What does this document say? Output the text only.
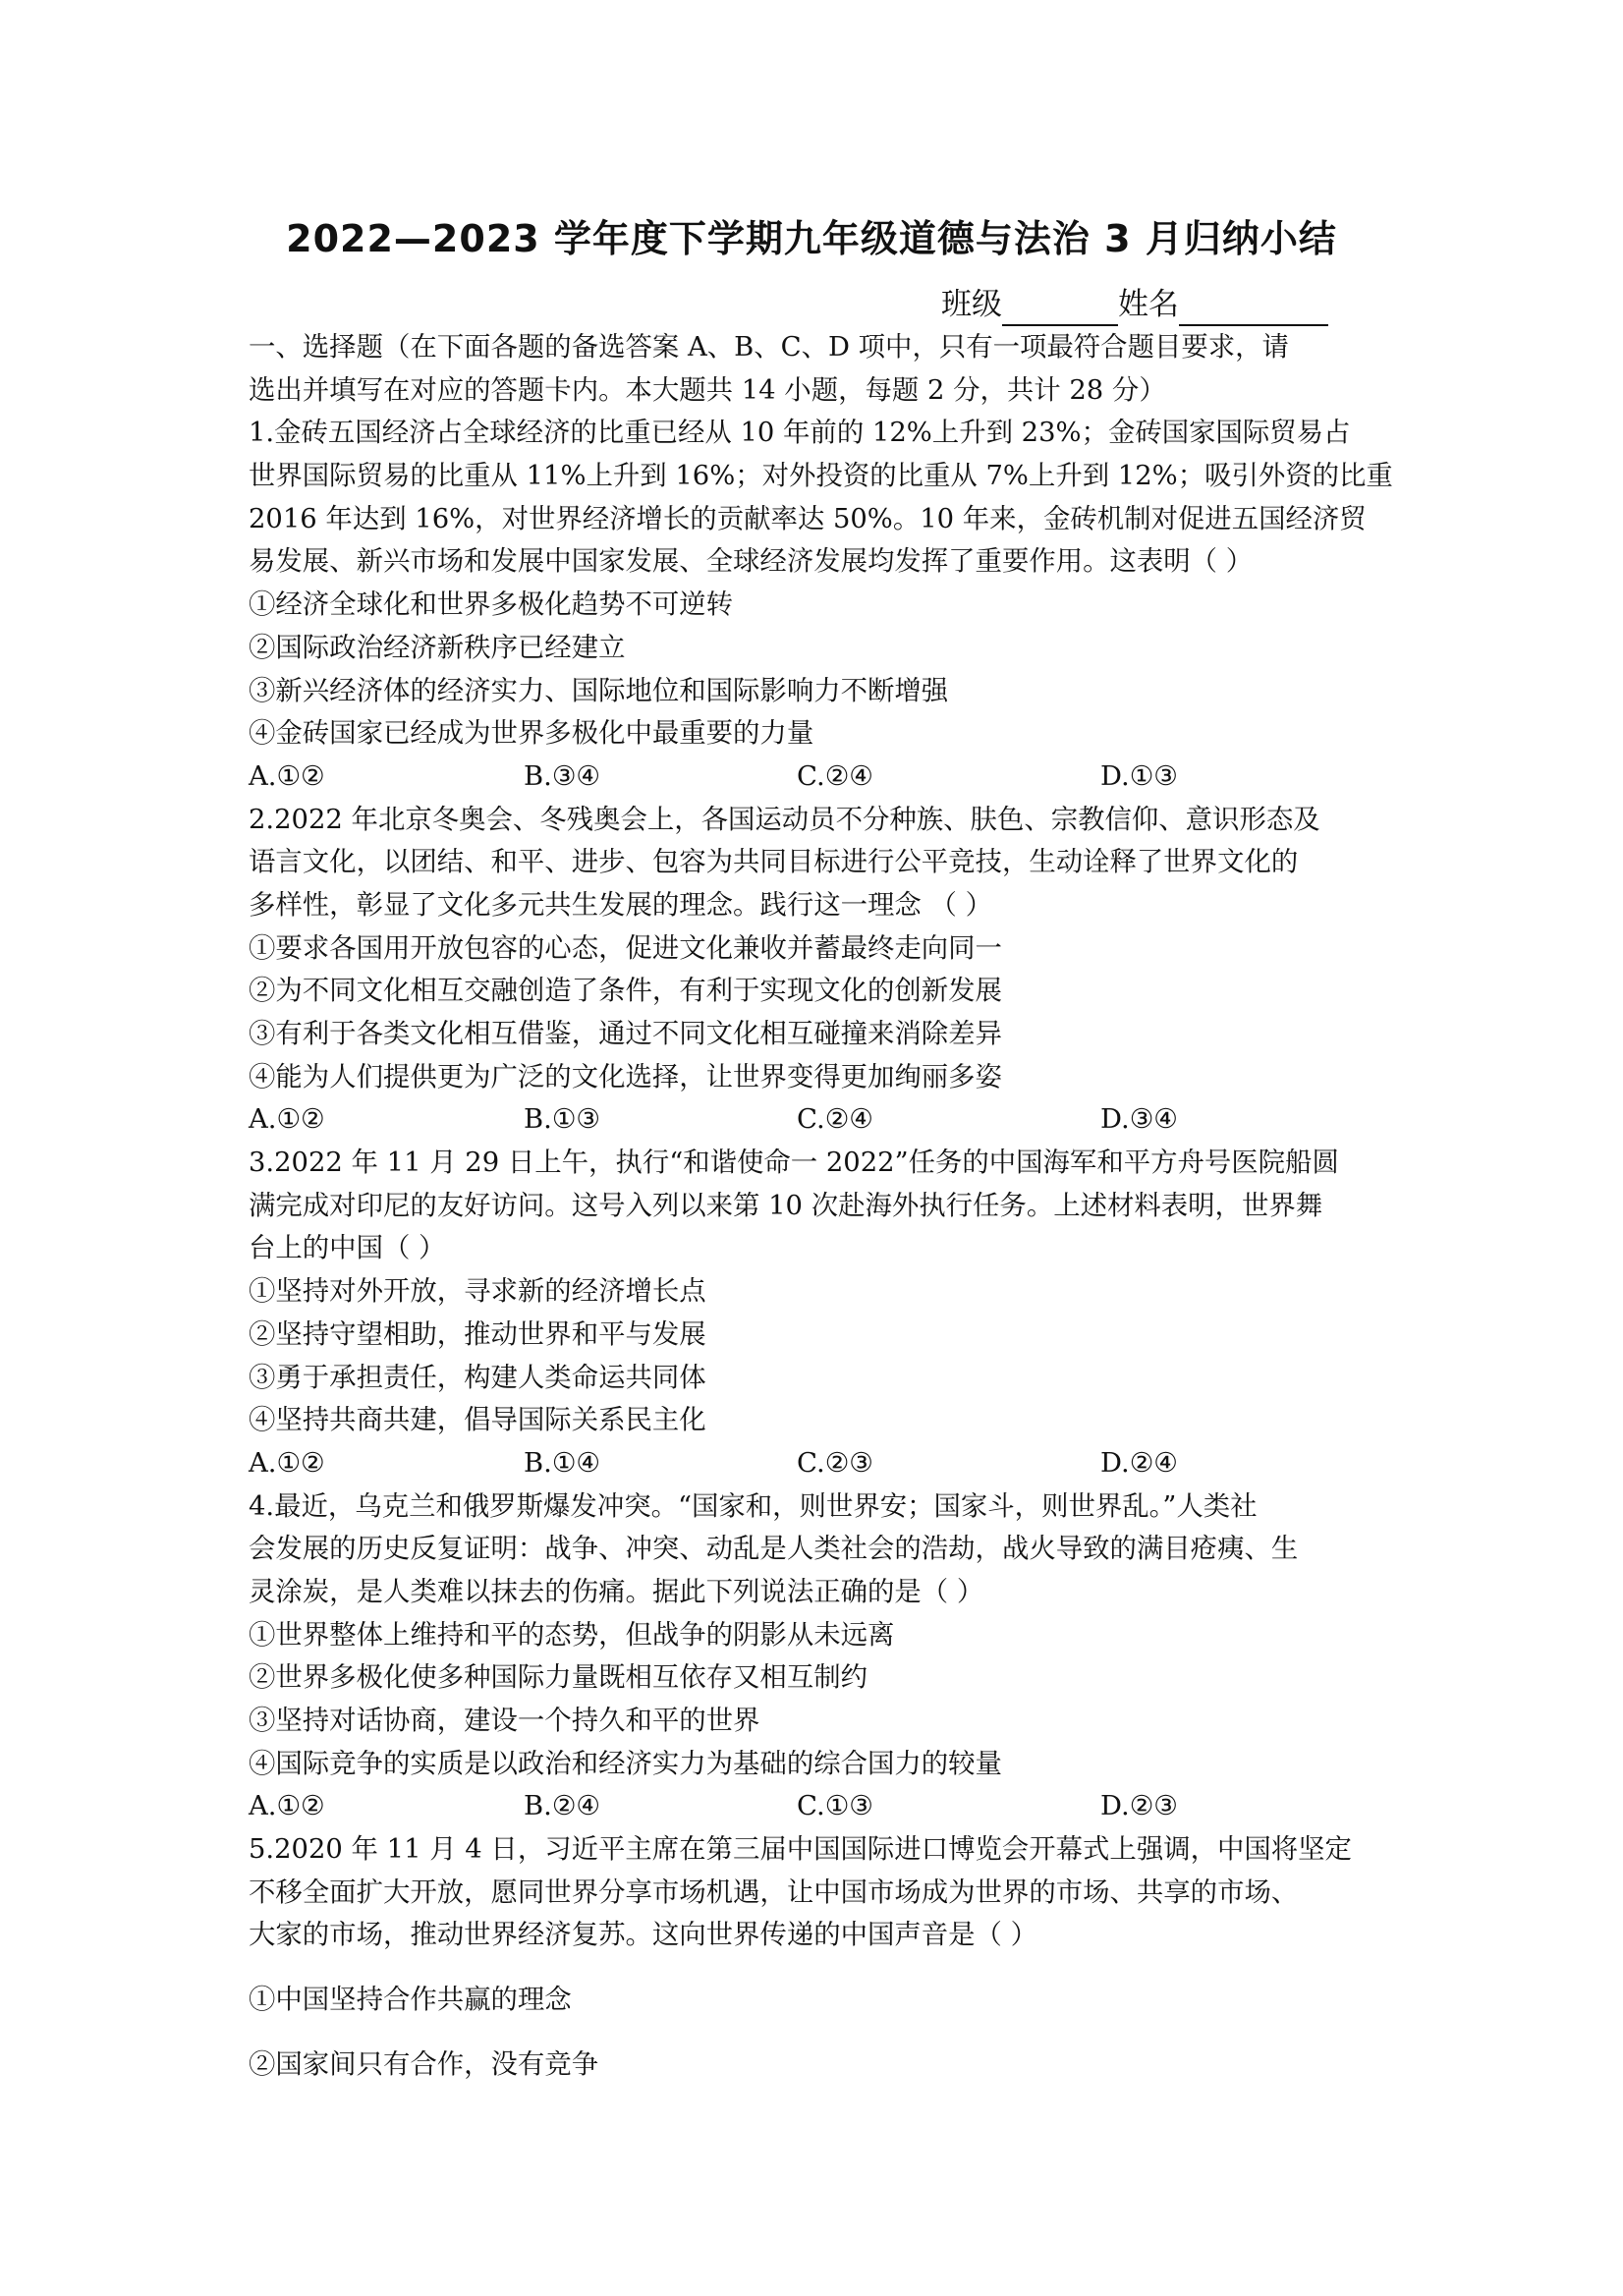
2022—2023 学年度下学期九年级道德与法治 3 月归纳小结
班级	姓名
一、选择题（在下面各题的备选答案 A、B、C、D 项中，只有一项最符合题目要求，请
选出并填写在对应的答题卡内。本大题共 14 小题，每题 2 分，共计 28 分）
1.金砖五国经济占全球经济的比重已经从 10 年前的 12%上升到 23%；金砖国家国际贸易占
世界国际贸易的比重从 11%上升到 16%；对外投资的比重从 7%上升到 12%；吸引外资的比重
2016 年达到 16%，对世界经济增长的贡献率达 50%。10 年来，金砖机制对促进五国经济贸
易发展、新兴市场和发展中国家发展、全球经济发展均发挥了重要作用。这表明（ ）
①经济全球化和世界多极化趋势不可逆转
②国际政治经济新秩序已经建立
③新兴经济体的经济实力、国际地位和国际影响力不断增强
④金砖国家已经成为世界多极化中最重要的力量
A.①②	B.③④	C.②④	D.①③
2.2022 年北京冬奥会、冬残奥会上，各国运动员不分种族、肤色、宗教信仰、意识形态及
语言文化，以团结、和平、进步、包容为共同目标进行公平竞技，生动诠释了世界文化的
多样性，彰显了文化多元共生发展的理念。践行这一理念 （ ）
①要求各国用开放包容的心态，促进文化兼收并蓄最终走向同一
②为不同文化相互交融创造了条件，有利于实现文化的创新发展
③有利于各类文化相互借鉴，通过不同文化相互碰撞来消除差异
④能为人们提供更为广泛的文化选择，让世界变得更加绚丽多姿
A.①②	B.①③	C.②④	D.③④
3.2022 年 11 月 29 日上午，执行“和谐使命一 2022”任务的中国海军和平方舟号医院船圆
满完成对印尼的友好访问。这号入列以来第 10 次赴海外执行任务。上述材料表明，世界舞
台上的中国（ ）
①坚持对外开放，寻求新的经济增长点
②坚持守望相助，推动世界和平与发展
③勇于承担责任，构建人类命运共同体
④坚持共商共建，倡导国际关系民主化
A.①②	B.①④	C.②③	D.②④
4.最近，乌克兰和俄罗斯爆发冲突。“国家和，则世界安；国家斗，则世界乱。”人类社
会发展的历史反复证明：战争、冲突、动乱是人类社会的浩劫，战火导致的满目疮痍、生
灵涂炭，是人类难以抹去的伤痛。据此下列说法正确的是（ ）
①世界整体上维持和平的态势，但战争的阴影从未远离
②世界多极化使多种国际力量既相互依存又相互制约
③坚持对话协商，建设一个持久和平的世界
④国际竞争的实质是以政治和经济实力为基础的综合国力的较量
A.①②	B.②④	C.①③	D.②③
5.2020 年 11 月 4 日，习近平主席在第三届中国国际进口博览会开幕式上强调，中国将坚定
不移全面扩大开放，愿同世界分享市场机遇，让中国市场成为世界的市场、共享的市场、
大家的市场，推动世界经济复苏。这向世界传递的中国声音是（ ）
①中国坚持合作共赢的理念
②国家间只有合作，没有竞争
